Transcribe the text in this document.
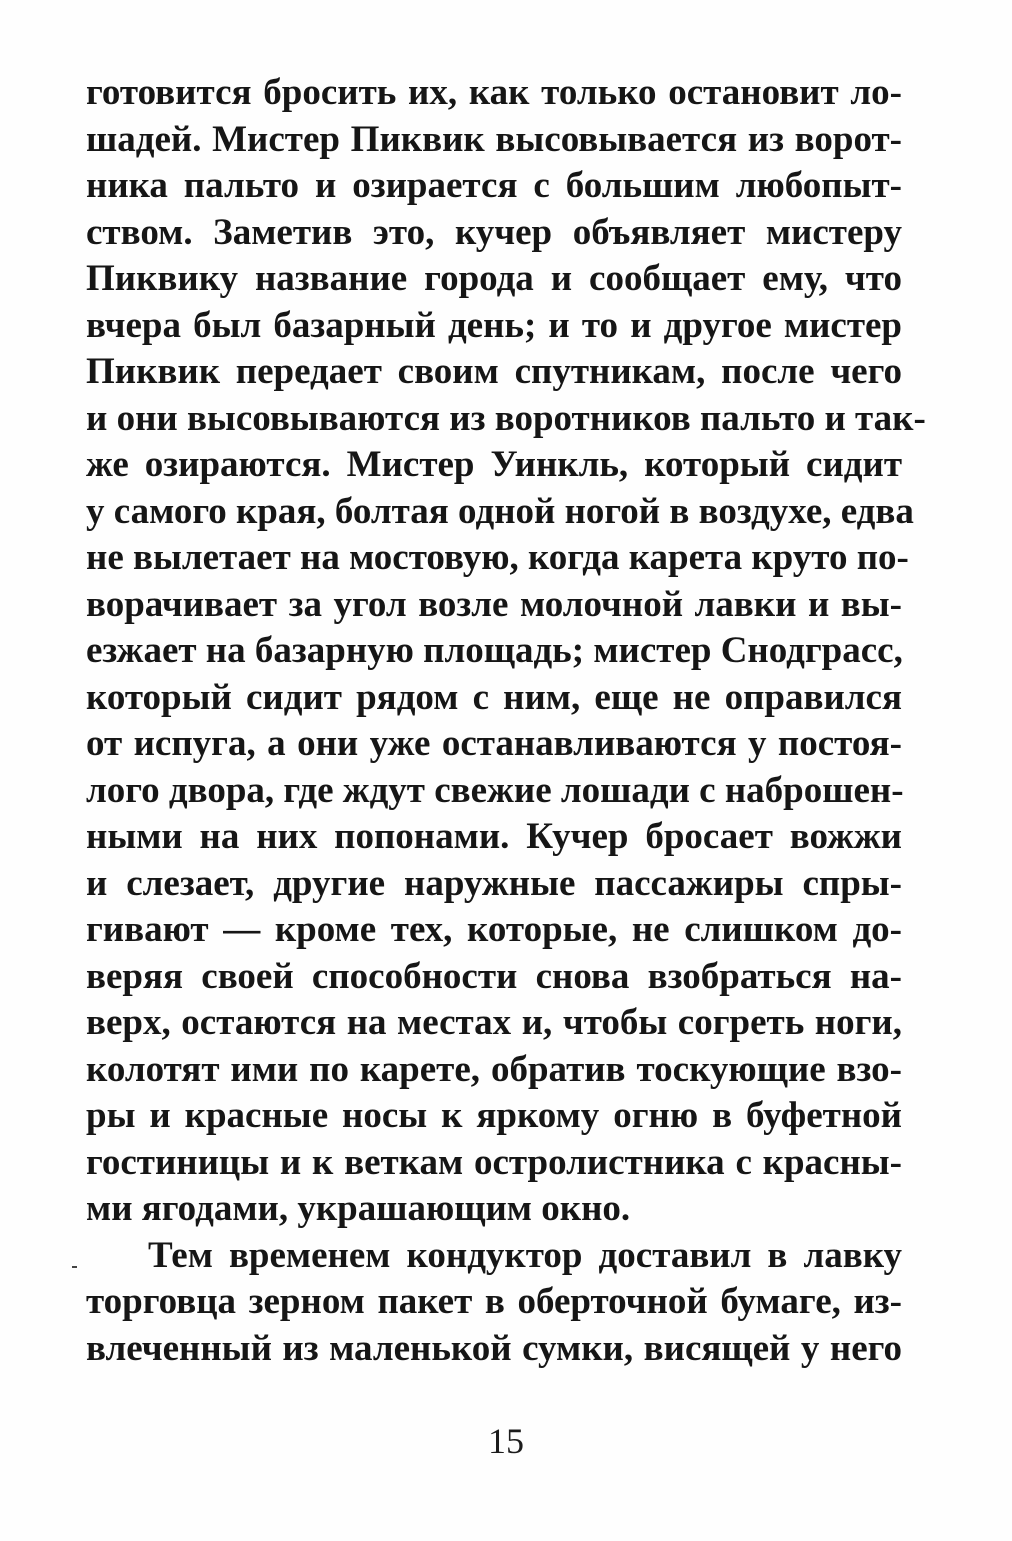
готовится бросить их, как только остановит ло-
шадей. Мистер Пиквик высовывается из ворот-
ника пальто и озирается с большим любопыт-
ством. Заметив это, кучер объявляет мистеру
Пиквику название города и сообщает ему, что
вчера был базарный день; и то и другое мистер
Пиквик передает своим спутникам, после чего
и они высовываются из воротников пальто и так-
же озираются. Мистер Уинкль, который сидит
у самого края, болтая одной ногой в воздухе, едва
не вылетает на мостовую, когда карета круто по-
ворачивает за угол возле молочной лавки и вы-
езжает на базарную площадь; мистер Снодграсс,
который сидит рядом с ним, еще не оправился
от испуга, а они уже останавливаются у постоя-
лого двора, где ждут свежие лошади с наброшен-
ными на них попонами. Кучер бросает вожжи
и слезает, другие наружные пассажиры спры-
гивают — кроме тех, которые, не слишком до-
веряя своей способности снова взобраться на-
верх, остаются на местах и, чтобы согреть ноги,
колотят ими по карете, обратив тоскующие взо-
ры и красные носы к яркому огню в буфетной
гостиницы и к веткам остролистника с красны-
ми ягодами, украшающим окно.
Тем временем кондуктор доставил в лавку
торговца зерном пакет в оберточной бумаге, из-
влеченный из маленькой сумки, висящей у него
15
